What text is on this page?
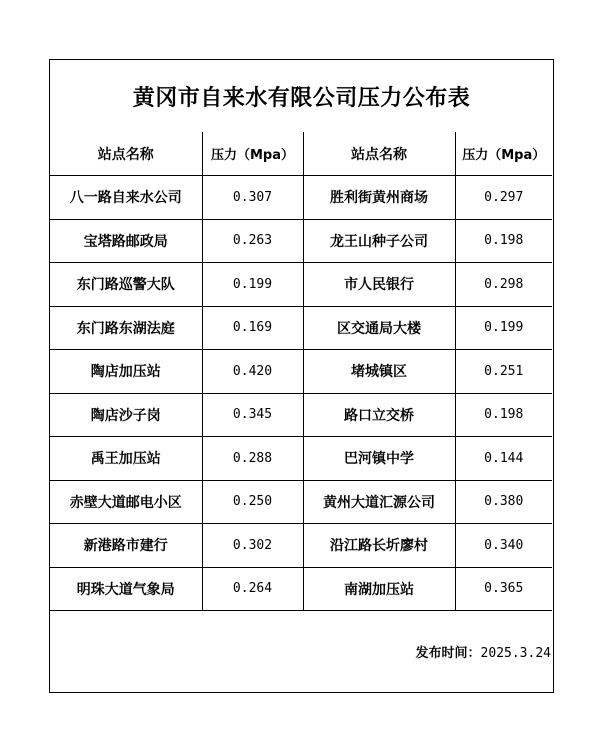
黄冈市自来水有限公司压力公布表
站点名称	压力（Mpa）	站点名称	压力（Mpa）
八一路自来水公司	0.307	胜利街黄州商场	0.297
宝塔路邮政局	0.263	龙王山种子公司	0.198
东门路巡警大队	0.199	市人民银行	0.298
东门路东湖法庭	0.169	区交通局大楼	0.199
陶店加压站	0.420	堵城镇区	0.251
陶店沙子岗	0.345	路口立交桥	0.198
禹王加压站	0.288	巴河镇中学	0.144
赤壁大道邮电小区	0.250	黄州大道汇源公司	0.380
新港路市建行	0.302	沿江路长圻廖村	0.340
明珠大道气象局	0.264	南湖加压站	0.365
发布时间：2025.3.24
